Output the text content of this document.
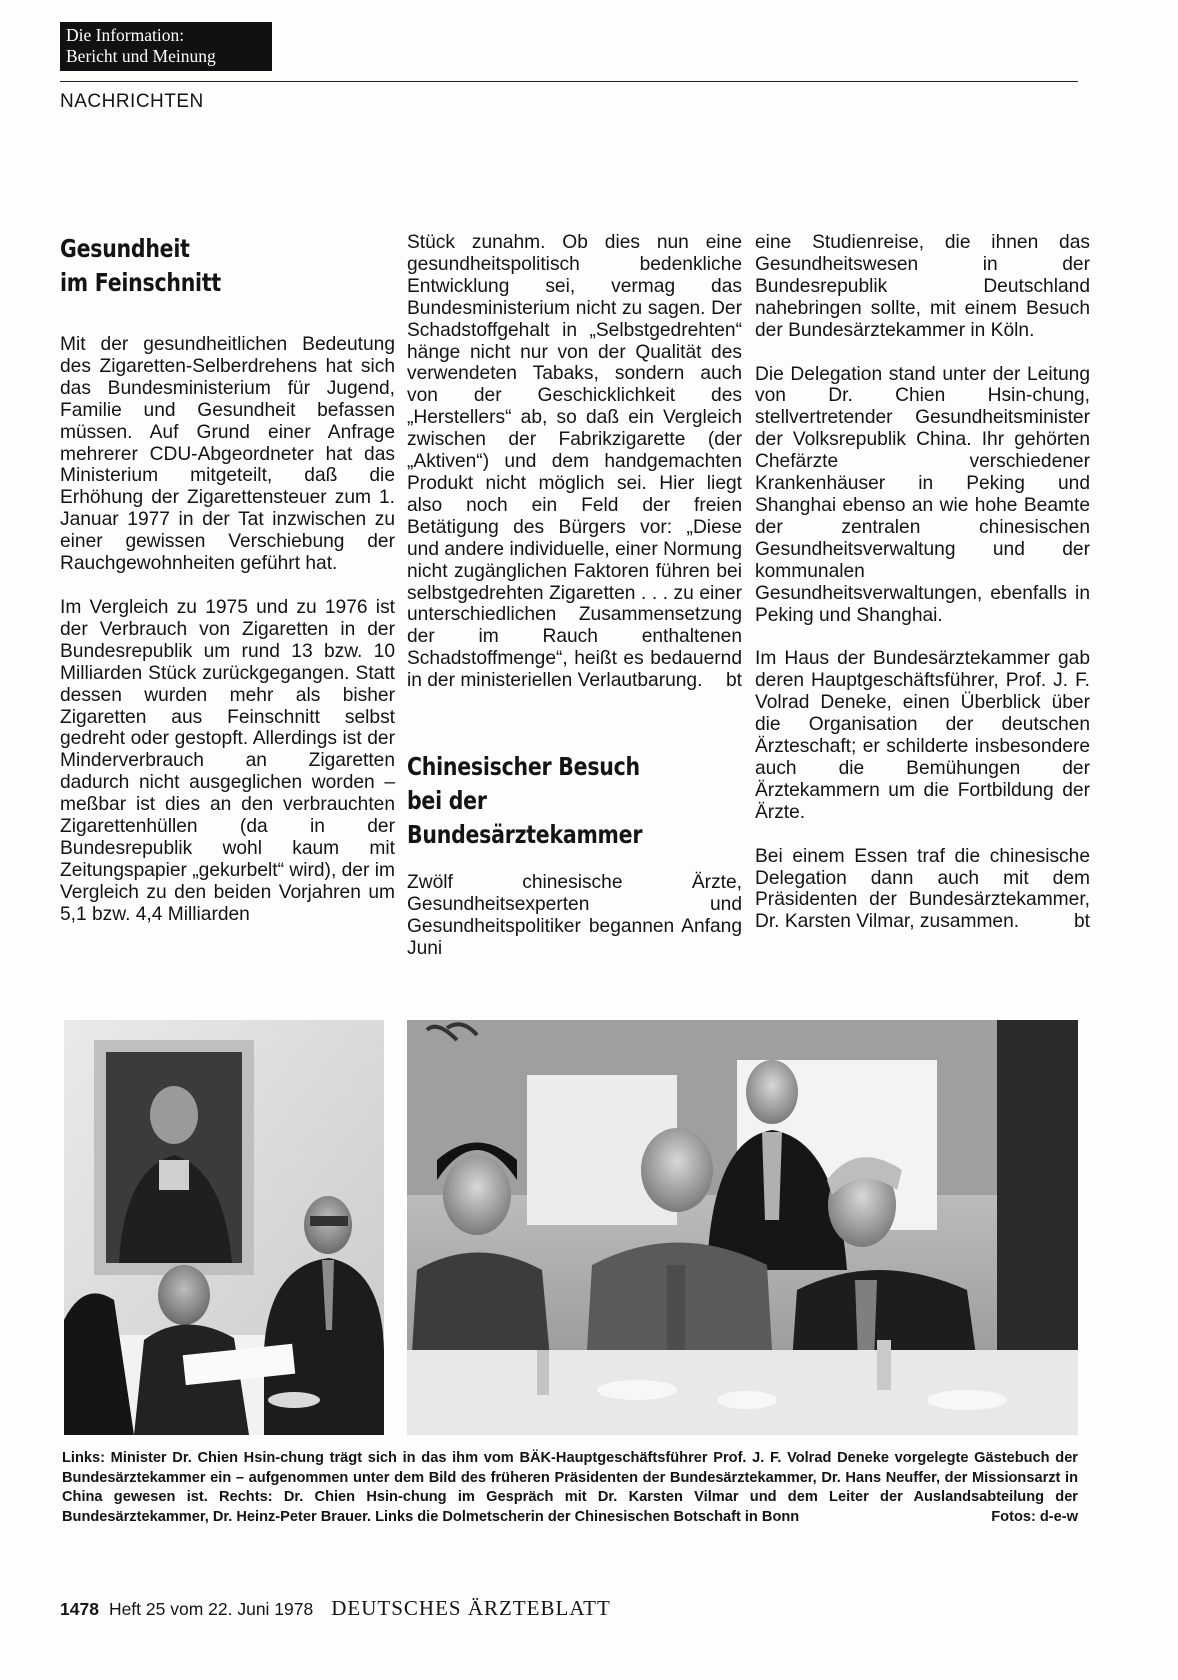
Die Information:
Bericht und Meinung
NACHRICHTEN
Gesundheit
im Feinschnitt

Mit der gesundheitlichen Bedeutung des Zigaretten-Selberdrehens hat sich das Bundesministerium für Jugend, Familie und Gesundheit befassen müssen. Auf Grund einer Anfrage mehrerer CDU-Abgeordneter hat das Ministerium mitgeteilt, daß die Erhöhung der Zigarettensteuer zum 1. Januar 1977 in der Tat inzwischen zu einer gewissen Verschiebung der Rauchgewohnheiten geführt hat.

Im Vergleich zu 1975 und zu 1976 ist der Verbrauch von Zigaretten in der Bundesrepublik um rund 13 bzw. 10 Milliarden Stück zurückgegangen. Statt dessen wurden mehr als bisher Zigaretten aus Feinschnitt selbst gedreht oder gestopft. Allerdings ist der Minderverbrauch an Zigaretten dadurch nicht ausgeglichen worden – meßbar ist dies an den verbrauchten Zigarettenhüllen (da in der Bundesrepublik wohl kaum mit Zeitungspapier „gekurbelt“ wird), der im Vergleich zu den beiden Vorjahren um 5,1 bzw. 4,4 Milliarden

Stück zunahm. Ob dies nun eine gesundheitspolitisch bedenkliche Entwicklung sei, vermag das Bundesministerium nicht zu sagen. Der Schadstoffgehalt in „Selbstgedrehten“ hänge nicht nur von der Qualität des verwendeten Tabaks, sondern auch von der Geschicklichkeit des „Herstellers“ ab, so daß ein Vergleich zwischen der Fabrikzigarette (der „Aktiven“) und dem handgemachten Produkt nicht möglich sei. Hier liegt also noch ein Feld der freien Betätigung des Bürgers vor: „Diese und andere individuelle, einer Normung nicht zugänglichen Faktoren führen bei selbstgedrehten Zigaretten . . . zu einer unterschiedlichen Zusammensetzung der im Rauch enthaltenen Schadstoffmenge“, heißt es bedauernd in der ministeriellen Verlautbarung. bt

Chinesischer Besuch
bei der
Bundesärztekammer

Zwölf chinesische Ärzte, Gesundheitsexperten und Gesundheitspolitiker begannen Anfang Juni

eine Studienreise, die ihnen das Gesundheitswesen in der Bundesrepublik Deutschland nahebringen sollte, mit einem Besuch der Bundesärztekammer in Köln.

Die Delegation stand unter der Leitung von Dr. Chien Hsin-chung, stellvertretender Gesundheitsminister der Volksrepublik China. Ihr gehörten Chefärzte verschiedener Krankenhäuser in Peking und Shanghai ebenso an wie hohe Beamte der zentralen chinesischen Gesundheitsverwaltung und der kommunalen Gesundheitsverwaltungen, ebenfalls in Peking und Shanghai.

Im Haus der Bundesärztekammer gab deren Hauptgeschäftsführer, Prof. J. F. Volrad Deneke, einen Überblick über die Organisation der deutschen Ärzteschaft; er schilderte insbesondere auch die Bemühungen der Ärztekammern um die Fortbildung der Ärzte.

Bei einem Essen traf die chinesische Delegation dann auch mit dem Präsidenten der Bundesärztekammer, Dr. Karsten Vilmar, zusammen.	bt

Links: Minister Dr. Chien Hsin-chung trägt sich in das ihm vom BÄK-Hauptgeschäftsführer Prof. J. F. Volrad Deneke vorgelegte Gästebuch der Bundesärztekammer ein – aufgenommen unter dem Bild des früheren Präsidenten der Bundesärztekammer, Dr. Hans Neuffer, der Missionsarzt in China gewesen ist. Rechts: Dr. Chien Hsin-chung im Gespräch mit Dr. Karsten Vilmar und dem Leiter der Auslandsabteilung der Bundesärztekammer, Dr. Heinz-Peter Brauer. Links die Dolmetscherin der Chinesischen Botschaft in Bonn	Fotos: d-e-w
1478 Heft 25 vom 22. Juni 1978 DEUTSCHES ÄRZTEBLATT
